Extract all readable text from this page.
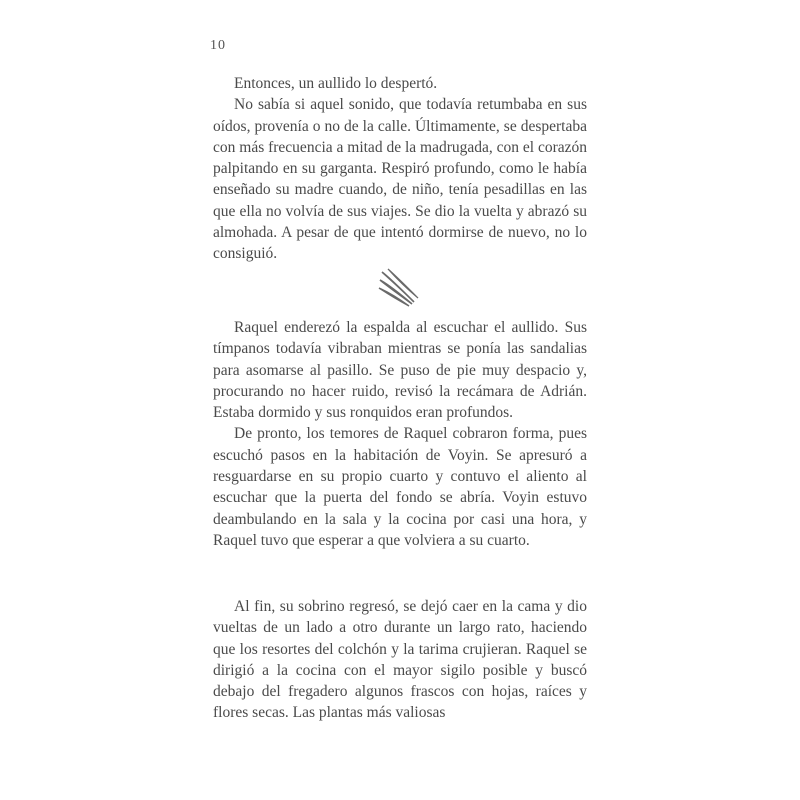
10

Entonces, un aullido lo despertó.

No sabía si aquel sonido, que todavía retumbaba en sus oídos, provenía o no de la calle. Últimamente, se despertaba con más frecuencia a mitad de la madrugada, con el corazón palpitando en su garganta. Respiró profundo, como le había enseñado su madre cuando, de niño, tenía pesadillas en las que ella no volvía de sus viajes. Se dio la vuelta y abrazó su almohada. A pesar de que intentó dormirse de nuevo, no lo consiguió.

Raquel enderezó la espalda al escuchar el aullido. Sus tímpanos todavía vibraban mientras se ponía las sandalias para asomarse al pasillo. Se puso de pie muy despacio y, procurando no hacer ruido, revisó la recámara de Adrián. Estaba dormido y sus ronquidos eran profundos.

De pronto, los temores de Raquel cobraron forma, pues escuchó pasos en la habitación de Voyin. Se apresuró a resguardarse en su propio cuarto y contuvo el aliento al escuchar que la puerta del fondo se abría. Voyin estuvo deambulando en la sala y la cocina por casi una hora, y Raquel tuvo que esperar a que volviera a su cuarto.

Al fin, su sobrino regresó, se dejó caer en la cama y dio vueltas de un lado a otro durante un largo rato, haciendo que los resortes del colchón y la tarima crujieran. Raquel se dirigió a la cocina con el mayor sigilo posible y buscó debajo del fregadero algunos frascos con hojas, raíces y flores secas. Las plantas más valiosas
